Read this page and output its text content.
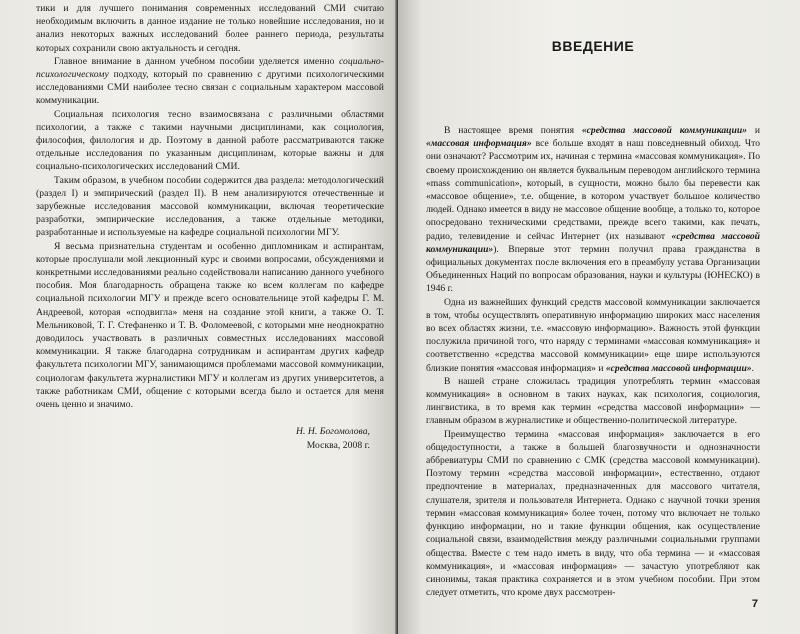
тики и для лучшего понимания современных исследований СМИ считаю необходимым включить в данное издание не только новейшие исследования, но и анализ некоторых важных исследований более раннего периода, результаты которых сохранили свою актуальность и сегодня.

Главное внимание в данном учебном пособии уделяется именно социально-психологическому подходу, который по сравнению с другими психологическими исследованиями СМИ наиболее тесно связан с социальным характером массовой коммуникации.

Социальная психология тесно взаимосвязана с различными областями психологии, а также с такими научными дисциплинами, как социология, философия, филология и др. Поэтому в данной работе рассматриваются также отдельные исследования по указанным дисциплинам, которые важны и для социально-психологических исследований СМИ.

Таким образом, в учебном пособии содержится два раздела: методологический (раздел I) и эмпирический (раздел II). В нем анализируются отечественные и зарубежные исследования массовой коммуникации, включая теоретические разработки, эмпирические исследования, а также отдельные методики, разработанные и используемые на кафедре социальной психологии МГУ.

Я весьма признательна студентам и особенно дипломникам и аспирантам, которые прослушали мой лекционный курс и своими вопросами, обсуждениями и конкретными исследованиями реально содействовали написанию данного учебного пособия. Моя благодарность обращена также ко всем коллегам по кафедре социальной психологии МГУ и прежде всего основательнице этой кафедры Г. М. Андреевой, которая «сподвигла» меня на создание этой книги, а также О. Т. Мельниковой, Т. Г. Стефаненко и Т. В. Фоломеевой, с которыми мне неоднократно доводилось участвовать в различных совместных исследованиях массовой коммуникации. Я также благодарна сотрудникам и аспирантам других кафедр факультета психологии МГУ, занимающимся проблемами массовой коммуникации, социологам факультета журналистики МГУ и коллегам из других университетов, а также работникам СМИ, общение с которыми всегда было и остается для меня очень ценно и значимо.

Н. Н. Богомолова,

Москва, 2008 г.

ВВЕДЕНИЕ

В настоящее время понятия «средства массовой коммуникации» и «массовая информация» все больше входят в наш повседневный обиход. Что они означают? Рассмотрим их, начиная с термина «массовая коммуникация». По своему происхождению он является буквальным переводом английского термина «mass communication», который, в сущности, можно было бы перевести как «массовое общение», т.е. общение, в котором участвует большое количество людей. Однако имеется в виду не массовое общение вообще, а только то, которое опосредовано техническими средствами, прежде всего такими, как печать, радио, телевидение и сейчас Интернет (их называют «средства массовой коммуникации»). Впервые этот термин получил права гражданства в официальных документах после включения его в преамбулу устава Организации Объединенных Наций по вопросам образования, науки и культуры (ЮНЕСКО) в 1946 г.

Одна из важнейших функций средств массовой коммуникации заключается в том, чтобы осуществлять оперативную информацию широких масс населения во всех областях жизни, т.е. «массовую информацию». Важность этой функции послужила причиной того, что наряду с терминами «массовая коммуникация» и соответственно «средства массовой коммуникации» еще шире используются близкие понятия «массовая информация» и «средства массовой информации».

В нашей стране сложилась традиция употреблять термин «массовая коммуникация» в основном в таких науках, как психология, социология, лингвистика, в то время как термин «средства массовой информации» — главным образом в журналистике и общественно-политической литературе.

Преимущество термина «массовая информация» заключается в его общедоступности, а также в большей благозвучности и однозначности аббревиатуры СМИ по сравнению с СМК (средства массовой коммуникации). Поэтому термин «средства массовой информации», естественно, отдают предпочтение в материалах, предназначенных для массового читателя, слушателя, зрителя и пользователя Интернета. Однако с научной точки зрения термин «массовая коммуникация» более точен, потому что включает не только функцию информации, но и такие функции общения, как осуществление социальной связи, взаимодействия между различными социальными группами общества. Вместе с тем надо иметь в виду, что оба термина — и «массовая коммуникация», и «массовая информация» — зачастую употребляют как синонимы, такая практика сохраняется и в этом учебном пособии. При этом следует отметить, что кроме двух рассмотрен-

7
